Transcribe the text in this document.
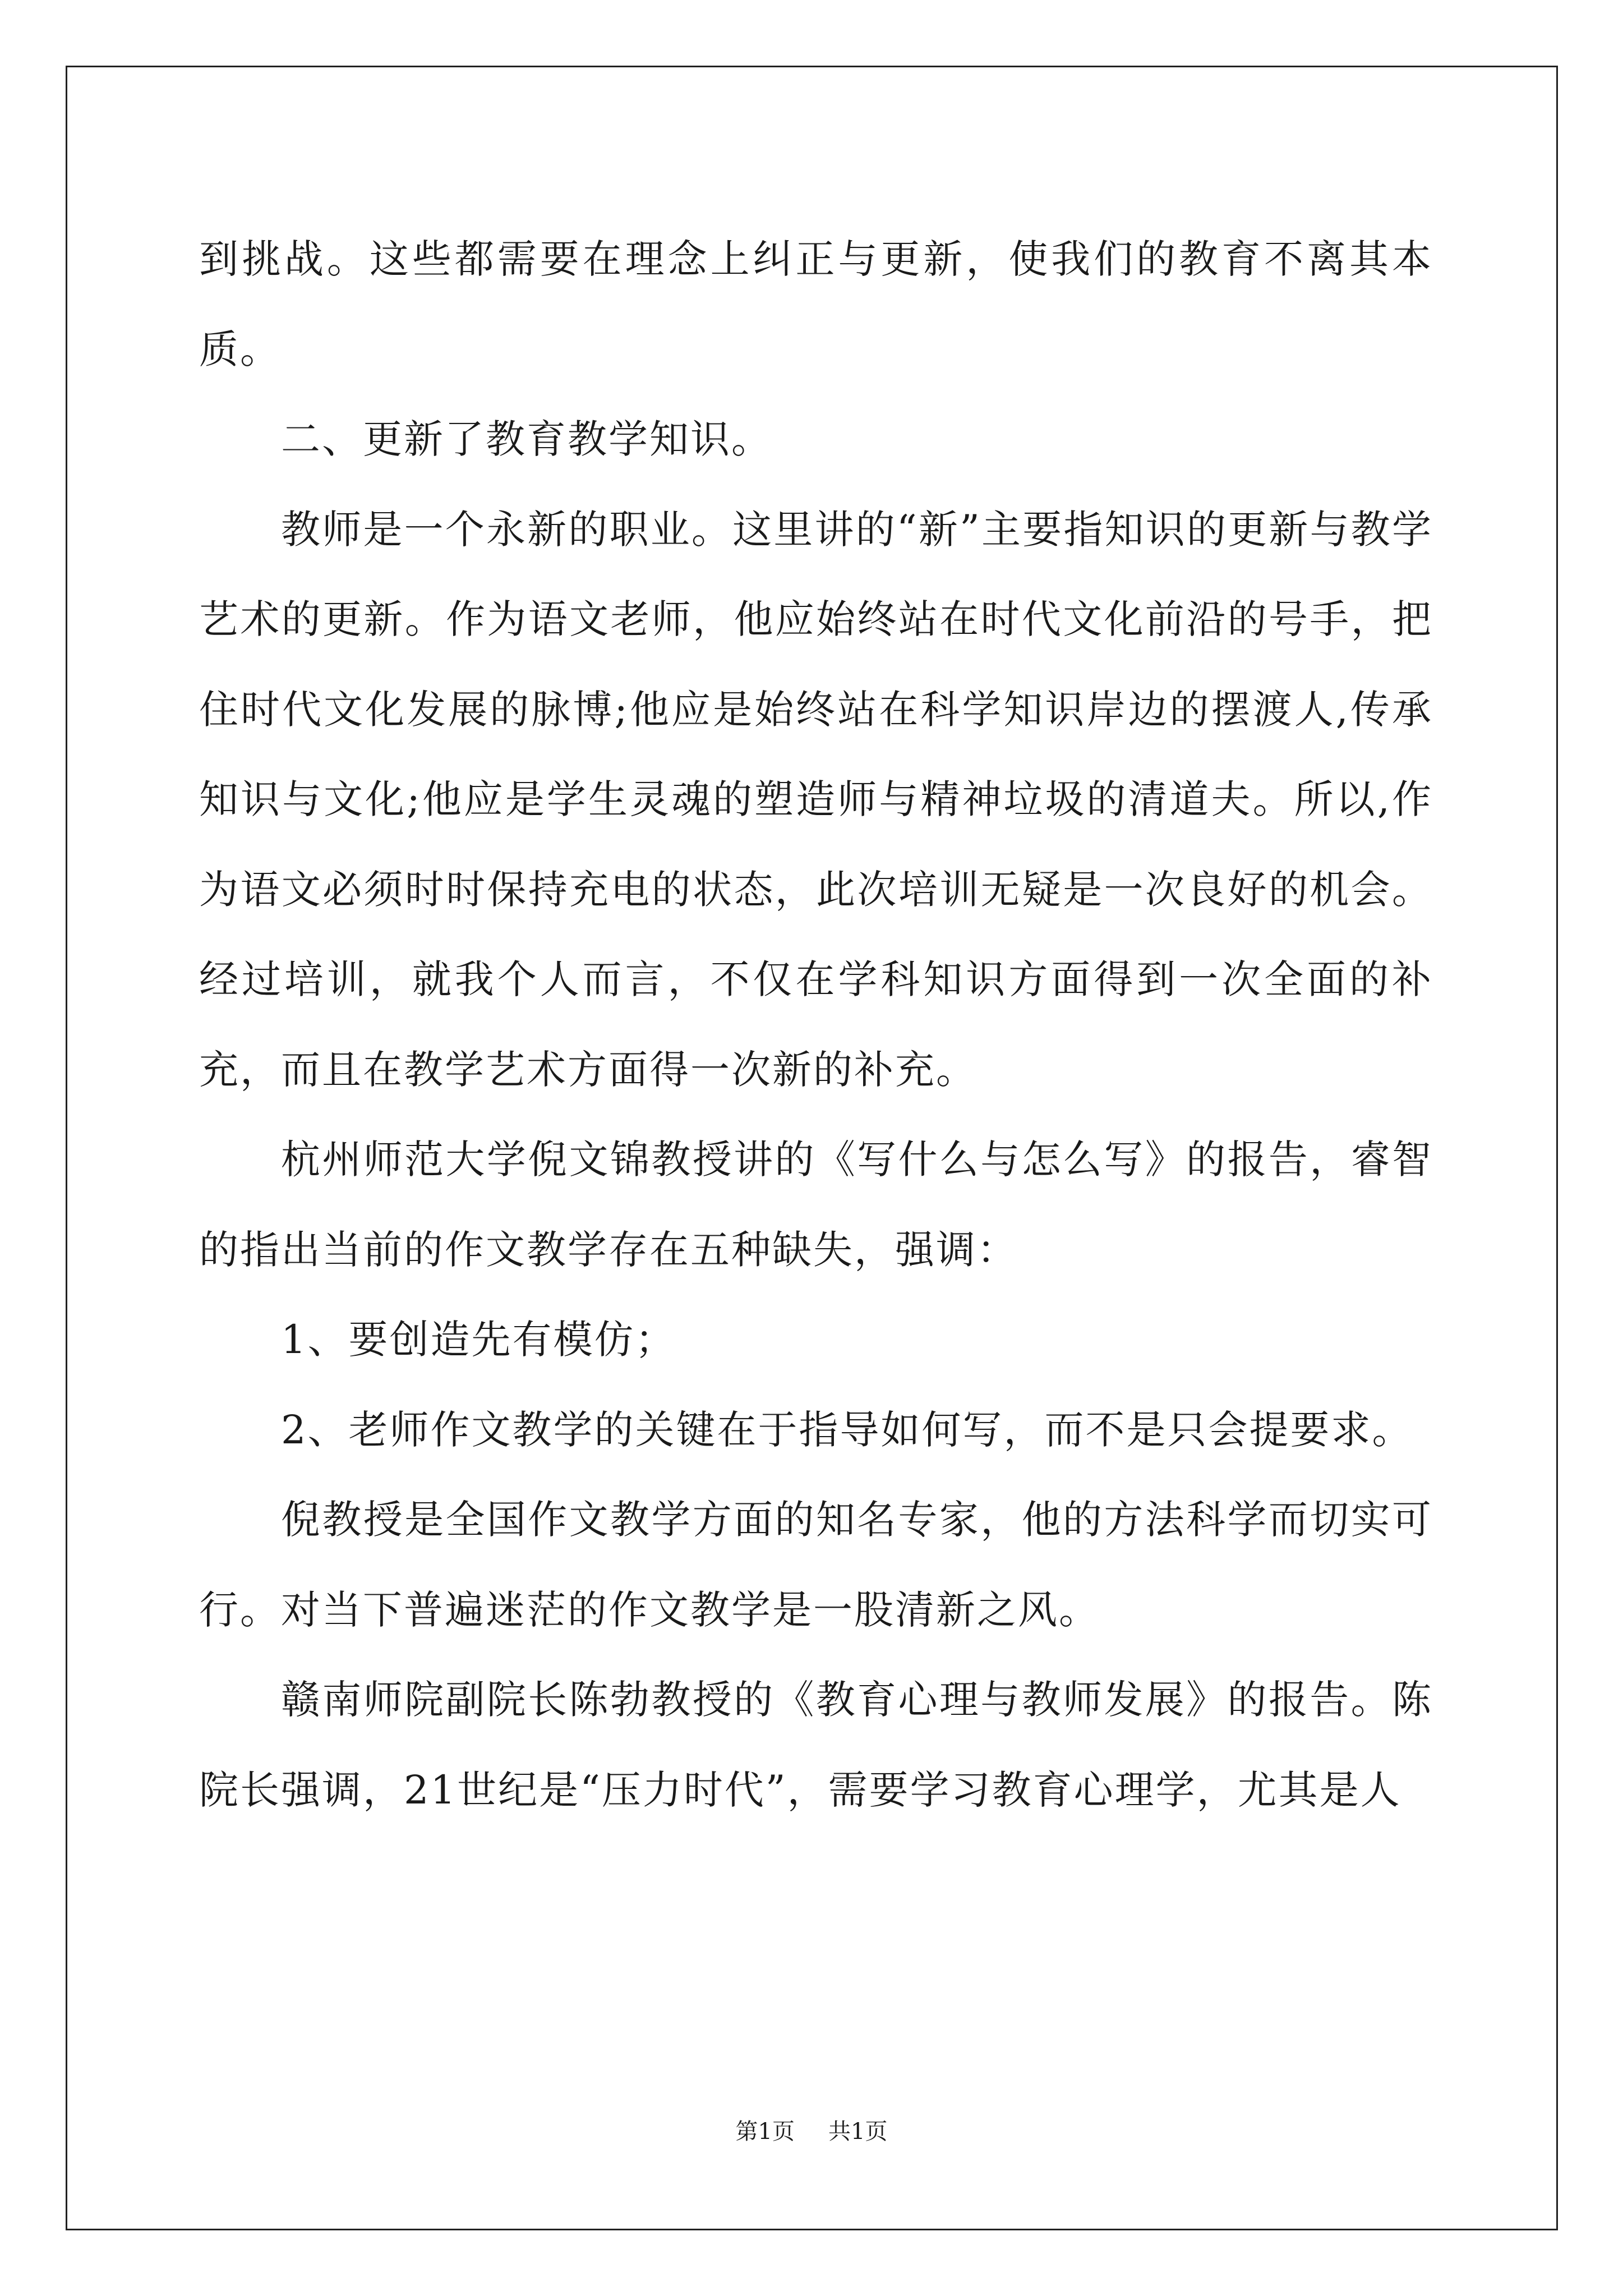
到挑战。这些都需要在理念上纠正与更新，使我们的教育不离其本质。

二、更新了教育教学知识。

教师是一个永新的职业。这里讲的“新”主要指知识的更新与教学艺术的更新。作为语文老师，他应始终站在时代文化前沿的号手，把住时代文化发展的脉博;他应是始终站在科学知识岸边的摆渡人,传承知识与文化;他应是学生灵魂的塑造师与精神垃圾的清道夫。所以,作为语文必须时时保持充电的状态，此次培训无疑是一次良好的机会。经过培训，就我个人而言，不仅在学科知识方面得到一次全面的补充，而且在教学艺术方面得一次新的补充。

杭州师范大学倪文锦教授讲的《写什么与怎么写》的报告，睿智的指出当前的作文教学存在五种缺失，强调：

1、要创造先有模仿；

2、老师作文教学的关键在于指导如何写，而不是只会提要求。

倪教授是全国作文教学方面的知名专家，他的方法科学而切实可行。对当下普遍迷茫的作文教学是一股清新之风。

赣南师院副院长陈勃教授的《教育心理与教师发展》的报告。陈院长强调，21世纪是“压力时代”，需要学习教育心理学，尤其是人

第1页 共1页
